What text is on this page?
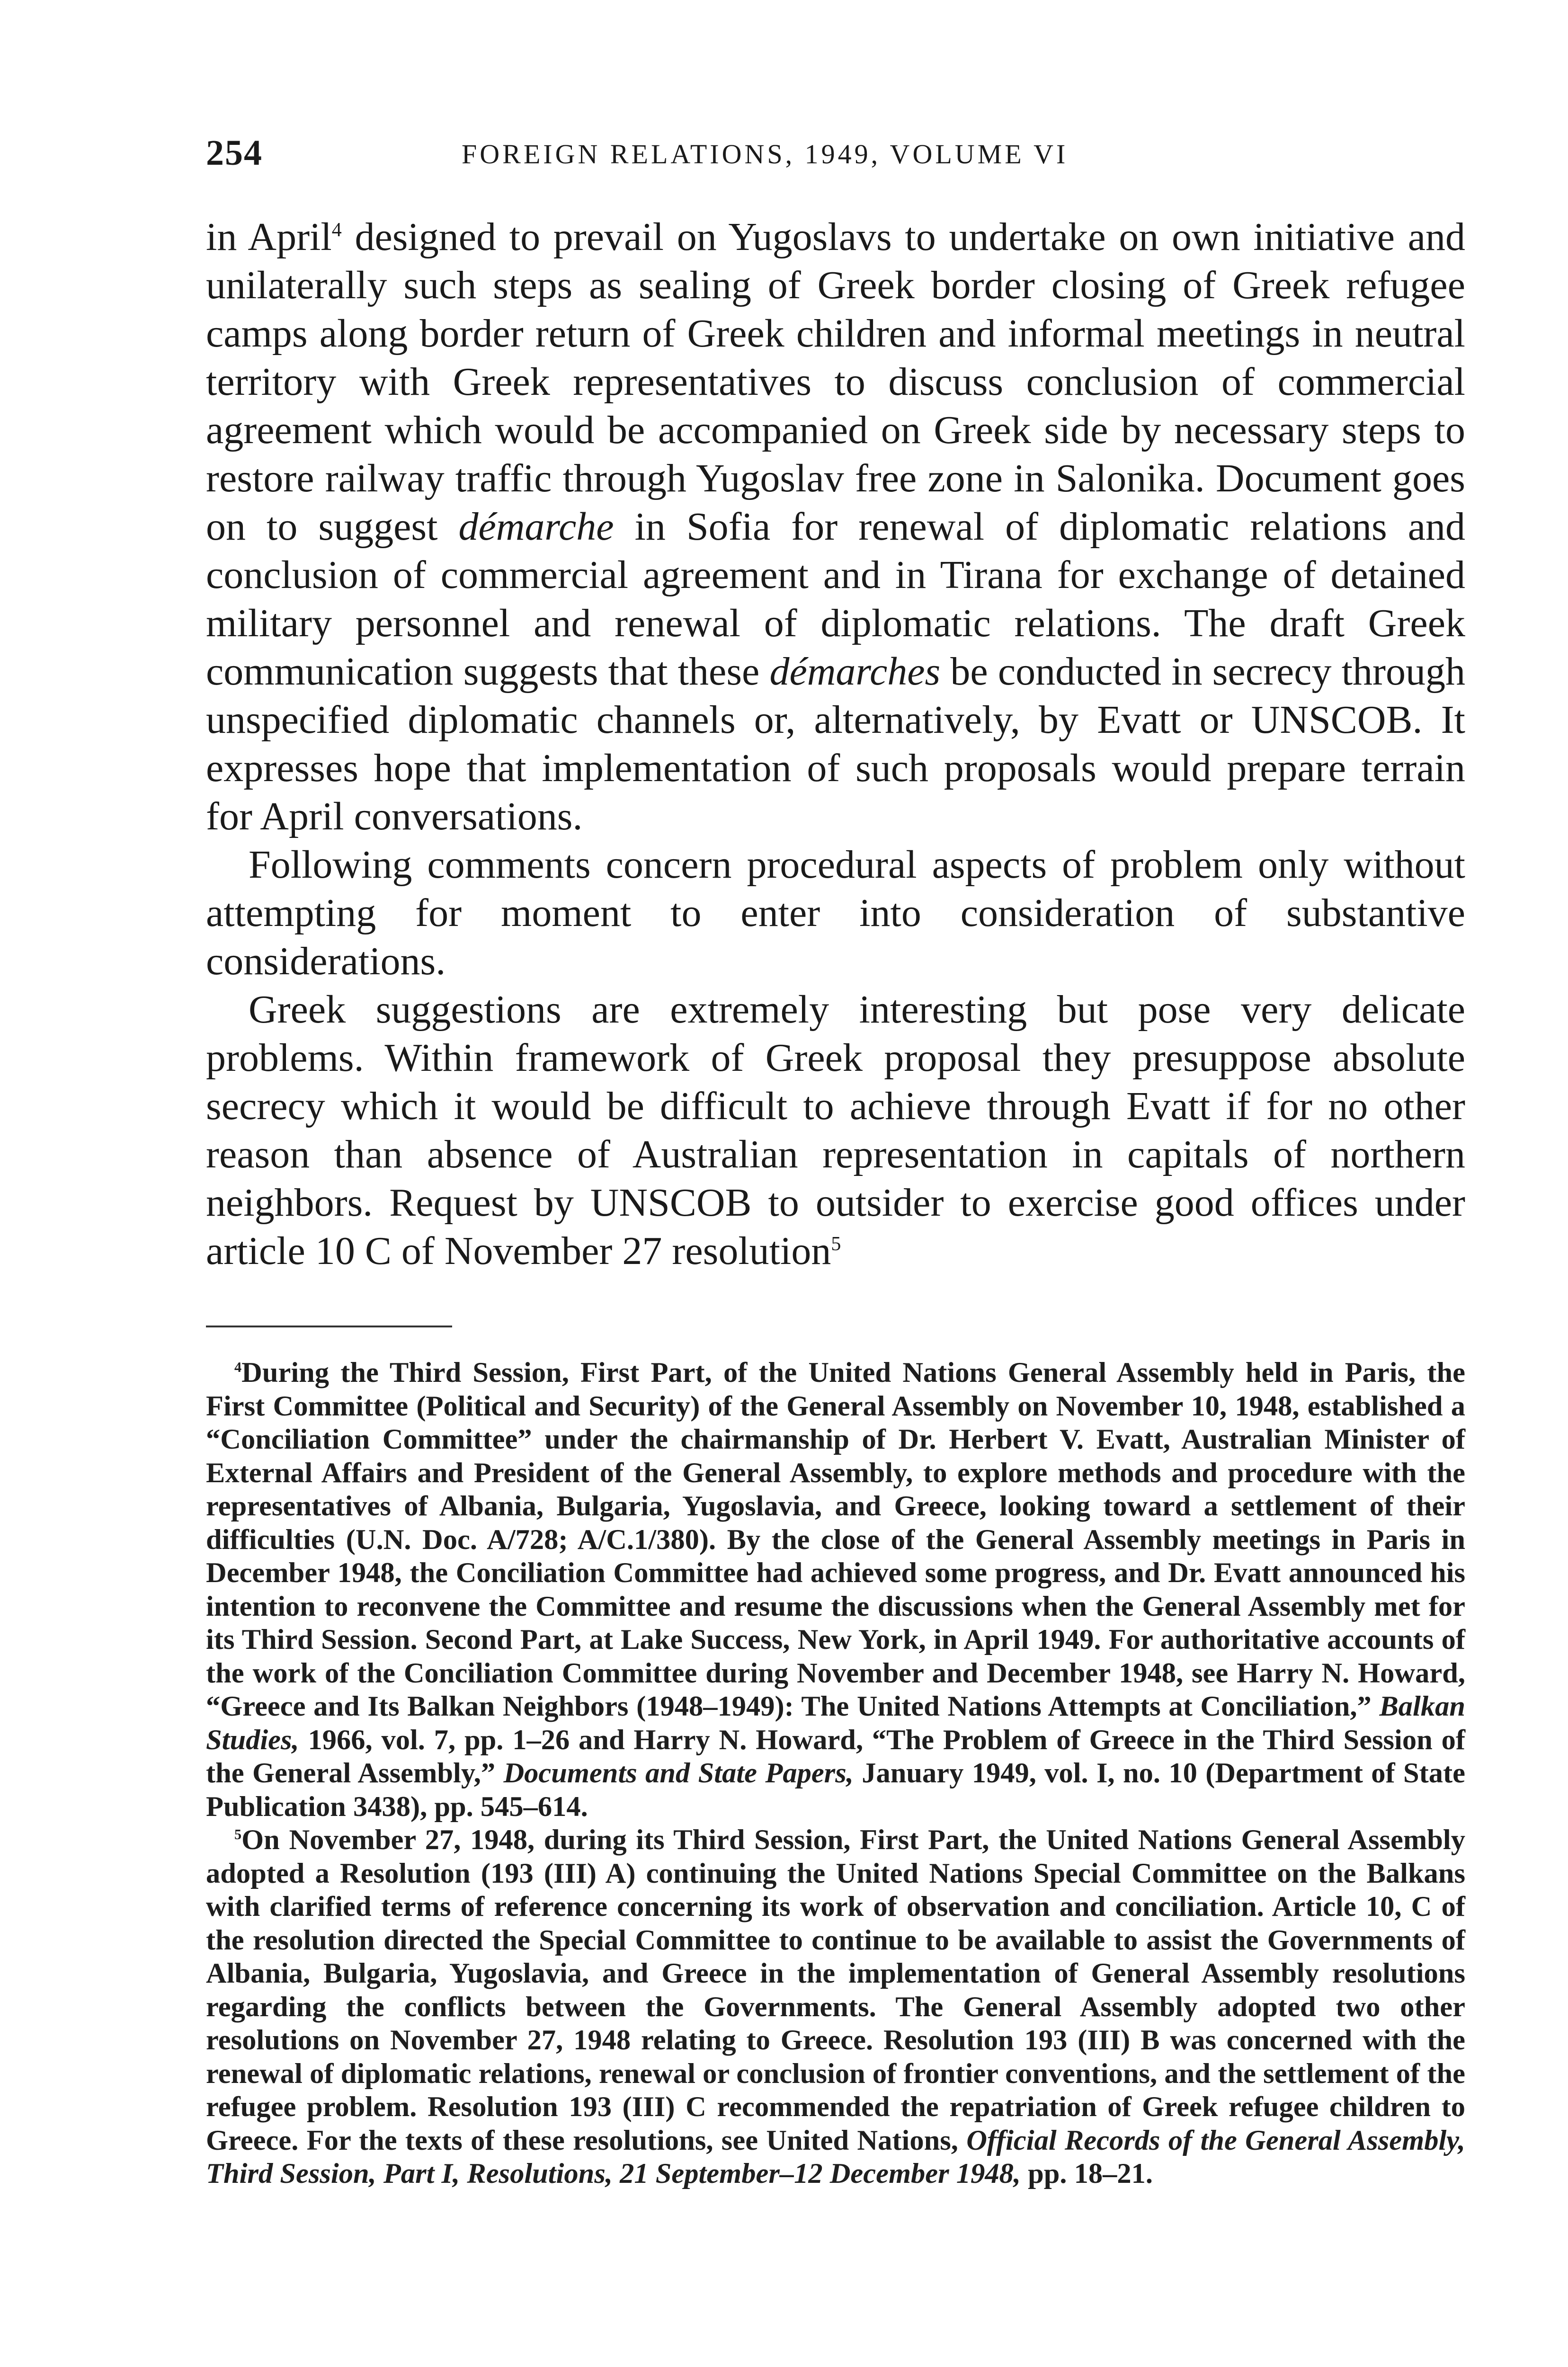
254	FOREIGN RELATIONS, 1949, VOLUME VI

in April$^4$ designed to prevail on Yugoslavs to undertake on own initiative and unilaterally such steps as sealing of Greek border closing of Greek refugee camps along border return of Greek children and informal meetings in neutral territory with Greek representatives to discuss conclusion of commercial agreement which would be accompanied on Greek side by necessary steps to restore railway traffic through Yugoslav free zone in Salonika. Document goes on to suggest démarche in Sofia for renewal of diplomatic relations and conclusion of commercial agreement and in Tirana for exchange of detained military personnel and renewal of diplomatic relations. The draft Greek communication suggests that these démarches be conducted in secrecy through unspecified diplomatic channels or, alternatively, by Evatt or UNSCOB. It expresses hope that implementation of such proposals would prepare terrain for April conversations.

Following comments concern procedural aspects of problem only without attempting for moment to enter into consideration of substantive considerations.

Greek suggestions are extremely interesting but pose very delicate problems. Within framework of Greek proposal they presuppose absolute secrecy which it would be difficult to achieve through Evatt if for no other reason than absence of Australian representation in capitals of northern neighbors. Request by UNSCOB to outsider to exercise good offices under article 10 C of November 27 resolution$^5$

$^4$During the Third Session, First Part, of the United Nations General Assembly held in Paris, the First Committee (Political and Security) of the General Assembly on November 10, 1948, established a “Conciliation Committee” under the chairmanship of Dr. Herbert V. Evatt, Australian Minister of External Affairs and President of the General Assembly, to explore methods and procedure with the representatives of Albania, Bulgaria, Yugoslavia, and Greece, looking toward a settlement of their difficulties (U.N. Doc. A/728; A/C.1/380). By the close of the General Assembly meetings in Paris in December 1948, the Conciliation Committee had achieved some progress, and Dr. Evatt announced his intention to reconvene the Committee and resume the discussions when the General Assembly met for its Third Session. Second Part, at Lake Success, New York, in April 1949. For authoritative accounts of the work of the Conciliation Committee during November and December 1948, see Harry N. Howard, “Greece and Its Balkan Neighbors (1948–1949): The United Nations Attempts at Conciliation,” Balkan Studies, 1966, vol. 7, pp. 1–26 and Harry N. Howard, “The Problem of Greece in the Third Session of the General Assembly,” Documents and State Papers, January 1949, vol. I, no. 10 (Department of State Publication 3438), pp. 545–614.

$^5$On November 27, 1948, during its Third Session, First Part, the United Nations General Assembly adopted a Resolution (193 (III) A) continuing the United Nations Special Committee on the Balkans with clarified terms of reference concerning its work of observation and conciliation. Article 10, C of the resolution directed the Special Committee to continue to be available to assist the Governments of Albania, Bulgaria, Yugoslavia, and Greece in the implementation of General Assembly resolutions regarding the conflicts between the Governments. The General Assembly adopted two other resolutions on November 27, 1948 relating to Greece. Resolution 193 (III) B was concerned with the renewal of diplomatic relations, renewal or conclusion of frontier conventions, and the settlement of the refugee problem. Resolution 193 (III) C recommended the repatriation of Greek refugee children to Greece. For the texts of these resolutions, see United Nations, Official Records of the General Assembly, Third Session, Part I, Resolutions, 21 September–12 December 1948, pp. 18–21.
